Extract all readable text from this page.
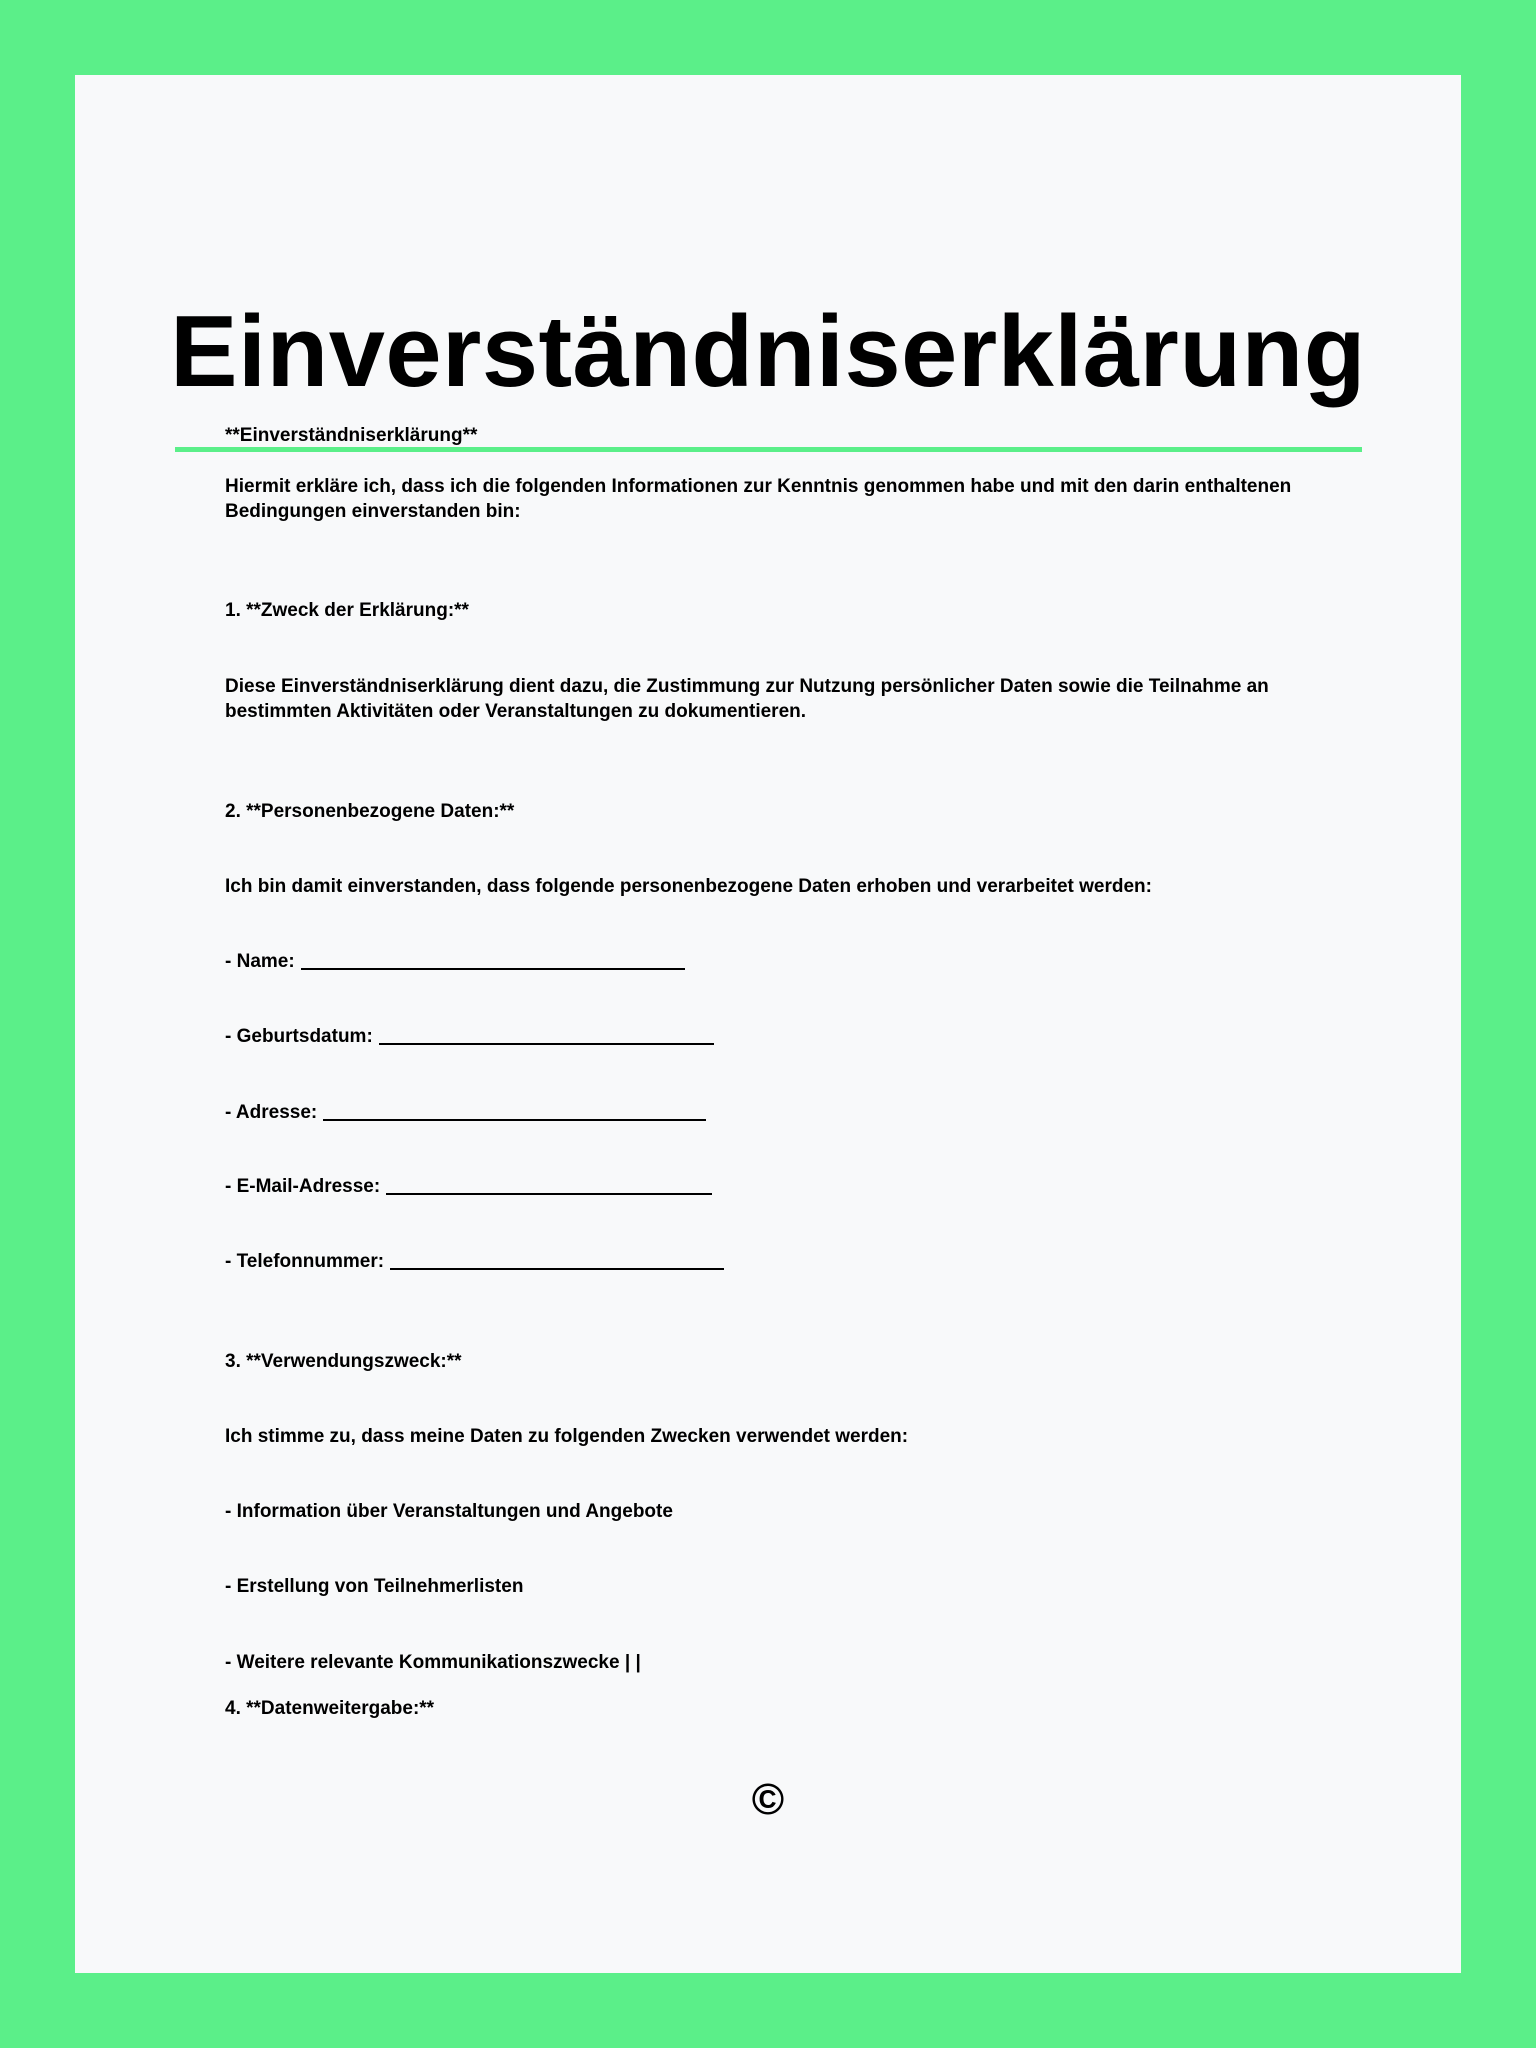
Einverständniserklärung

**Einverständniserklärung**

Hiermit erkläre ich, dass ich die folgenden Informationen zur Kenntnis genommen habe und mit den darin enthaltenen

Bedingungen einverstanden bin:

1. **Zweck der Erklärung:**

Diese Einverständniserklärung dient dazu, die Zustimmung zur Nutzung persönlicher Daten sowie die Teilnahme an

bestimmten Aktivitäten oder Veranstaltungen zu dokumentieren.

2. **Personenbezogene Daten:**

Ich bin damit einverstanden, dass folgende personenbezogene Daten erhoben und verarbeitet werden:

- Name:
- Geburtsdatum:
- Adresse:
- E-Mail-Adresse:
- Telefonnummer:

3. **Verwendungszweck:**

Ich stimme zu, dass meine Daten zu folgenden Zwecken verwendet werden:

- Information über Veranstaltungen und Angebote

- Erstellung von Teilnehmerlisten

- Weitere relevante Kommunikationszwecke | |

4. **Datenweitergabe:**

©
